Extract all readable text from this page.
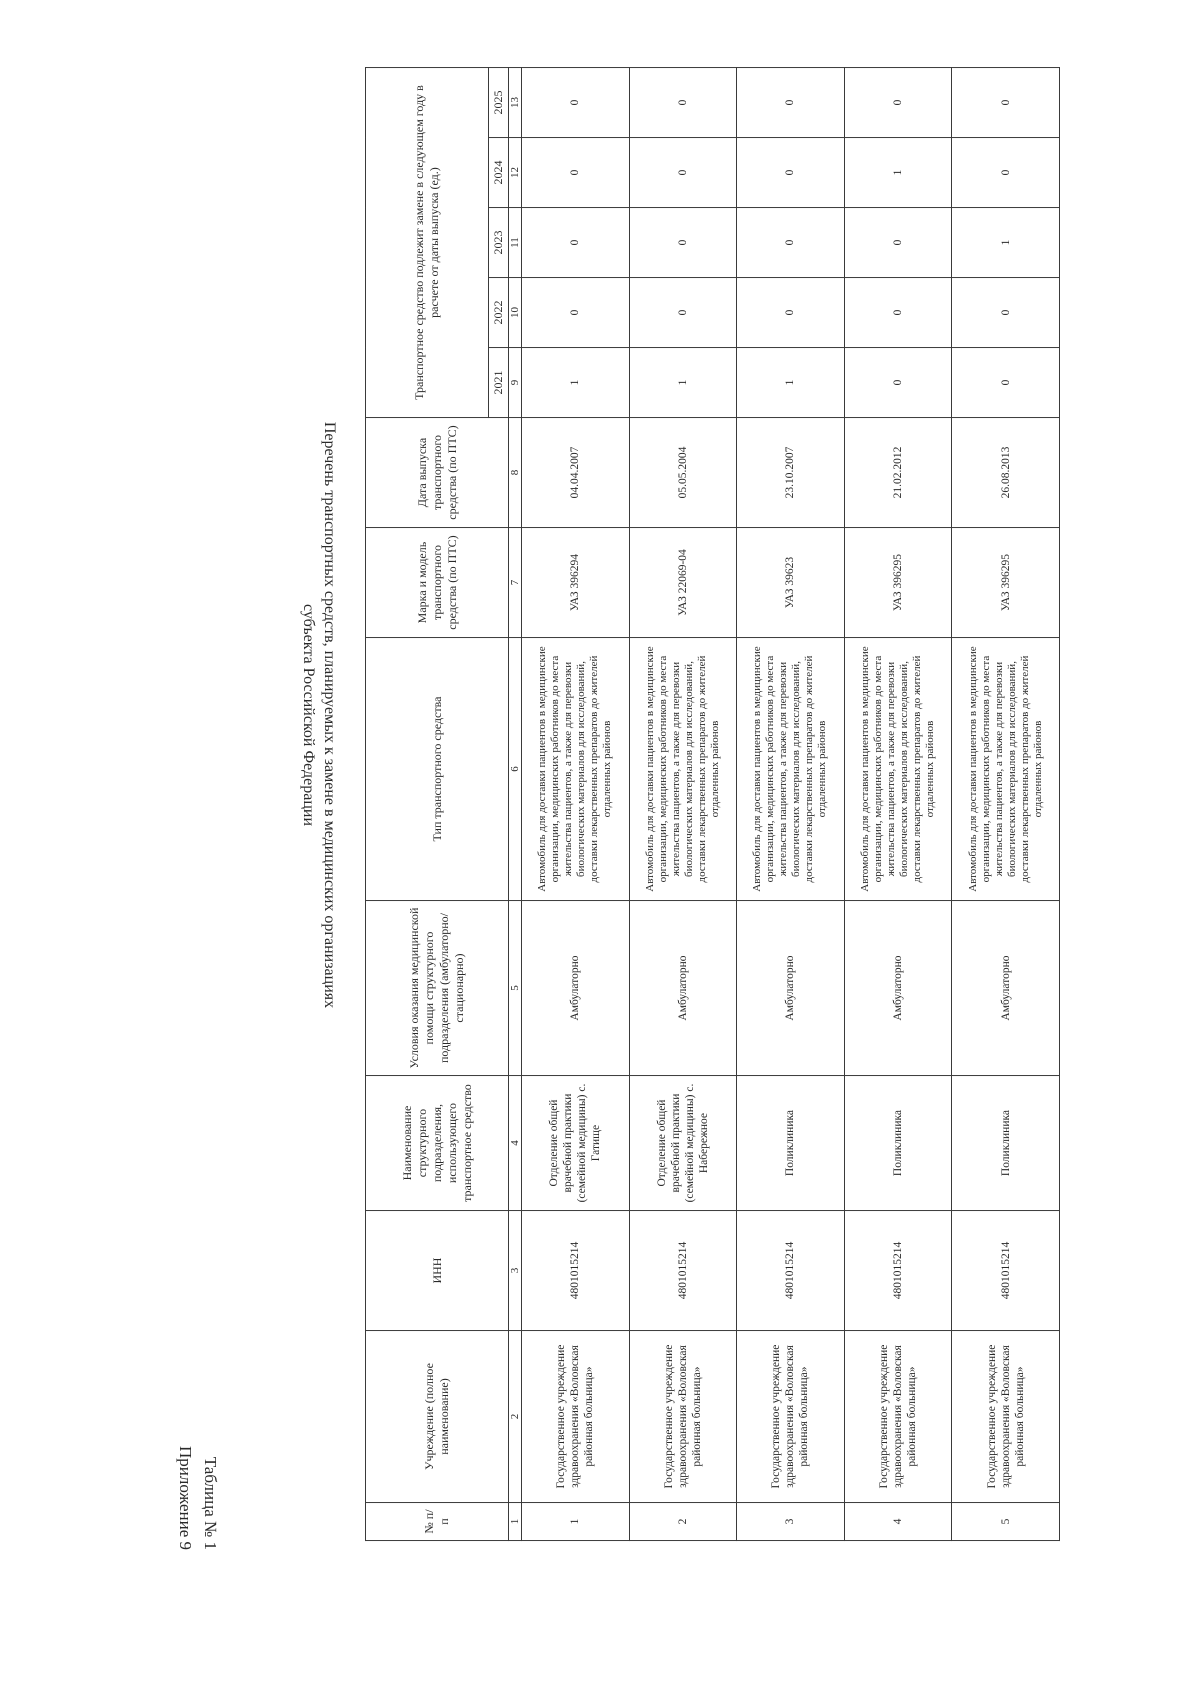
Приложение 9 Таблица № 1
Перечень транспортных средств, планируемых к замене в медицинских организациях
субъекта Российской Федерации
№ п/п	Учреждение (полное наименование)	ИНН	Наименование структурного подразделения, использующего транспортное средство	Условия оказания медицинской помощи структурного подразделения (амбулаторно/стационарно)	Тип транспортного средства	Марка и модель транспортного средства (по ПТС)	Дата выпуска транспортного средства (по ПТС)	Транспортное средство подлежит замене в следующем году в расчете от даты выпуска (ед.)				
								2021	2022	2023	2024	2025
1	2	3	4	5	6	7	8	9	10	11	12	13
1	Государственное учреждение здравоохранения «Воловская районная больница»	4801015214	Отделение общей врачебной практики (семейной медицины) с. Гатище	Амбулаторно	Автомобиль для доставки пациентов в медицинские организации, медицинских работников до места жительства пациентов, а также для перевозки биологических материалов для исследований, доставки лекарственных препаратов до жителей отдаленных районов	УАЗ 396294	04.04.2007	1	0	0	0	0
2	Государственное учреждение здравоохранения «Воловская районная больница»	4801015214	Отделение общей врачебной практики (семейной медицины) с. Набережное	Амбулаторно	Автомобиль для доставки пациентов в медицинские организации, медицинских работников до места жительства пациентов, а также для перевозки биологических материалов для исследований, доставки лекарственных препаратов до жителей отдаленных районов	УАЗ 22069-04	05.05.2004	1	0	0	0	0
3	Государственное учреждение здравоохранения «Воловская районная больница»	4801015214	Поликлиника	Амбулаторно	Автомобиль для доставки пациентов в медицинские организации, медицинских работников до места жительства пациентов, а также для перевозки биологических материалов для исследований, доставки лекарственных препаратов до жителей отдаленных районов	УАЗ 39623	23.10.2007	1	0	0	0	0
4	Государственное учреждение здравоохранения «Воловская районная больница»	4801015214	Поликлиника	Амбулаторно	Автомобиль для доставки пациентов в медицинские организации, медицинских работников до места жительства пациентов, а также для перевозки биологических материалов для исследований, доставки лекарственных препаратов до жителей отдаленных районов	УАЗ 396295	21.02.2012	0	0	0	1	0
5	Государственное учреждение здравоохранения «Воловская районная больница»	4801015214	Поликлиника	Амбулаторно	Автомобиль для доставки пациентов в медицинские организации, медицинских работников до места жительства пациентов, а также для перевозки биологических материалов для исследований, доставки лекарственных препаратов до жителей отдаленных районов	УАЗ 396295	26.08.2013	0	0	1	0	0
